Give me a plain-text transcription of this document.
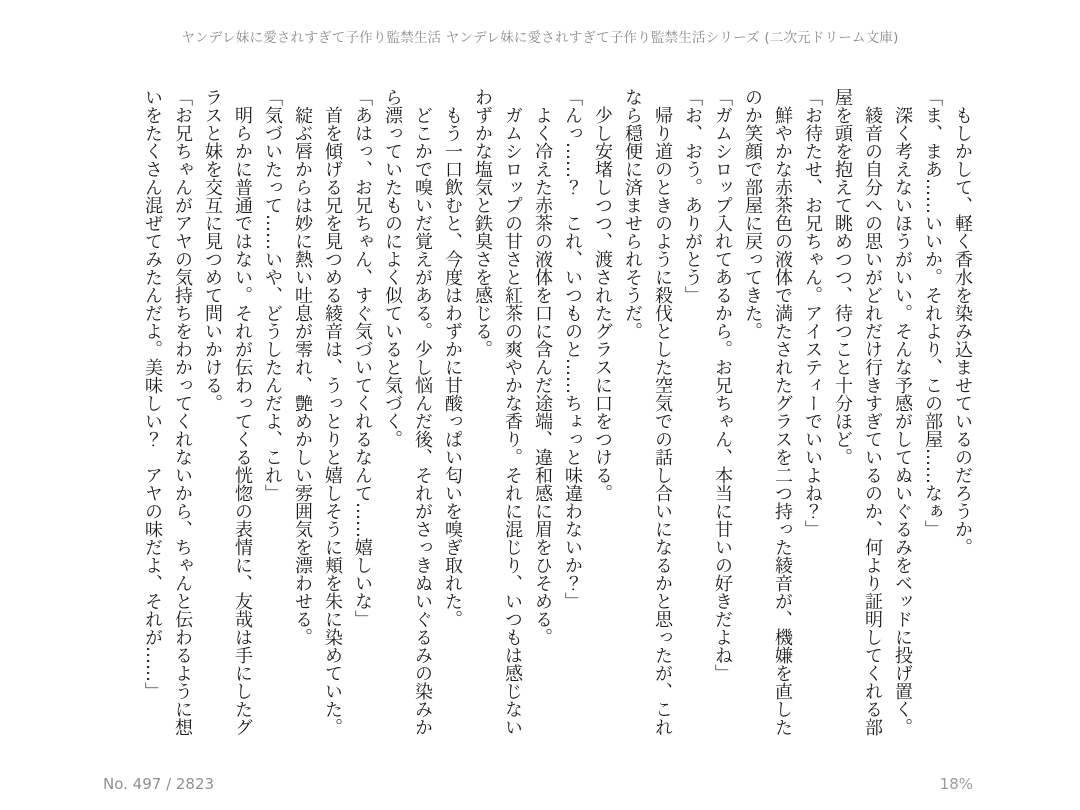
ヤンデレ妹に愛されすぎて子作り監禁生活 ヤンデレ妹に愛されすぎて子作り監禁生活シリーズ (二次元ドリーム文庫)

もしかして、軽く香水を染み込ませているのだろうか。

「ま、まあ……いいか。それより、この部屋……なぁ」

深く考えないほうがいい。そんな予感がしてぬいぐるみをベッドに投げ置く。

綾音の自分への思いがどれだけ行きすぎているのか、何より証明してくれる部屋を頭を抱えて眺めつつ、待つこと十分ほど。

「お待たせ、お兄ちゃん。アイスティーでいいよね？」

鮮やかな赤茶色の液体で満たされたグラスを二つ持った綾音が、機嫌を直したのか笑顔で部屋に戻ってきた。

「ガムシロップ入れてあるから。お兄ちゃん、本当に甘いの好きだよね」

「お、おう。ありがとう」

帰り道のときのように殺伐とした空気での話し合いになるかと思ったが、これなら穏便に済ませられそうだ。

少し安堵しつつ、渡されたグラスに口をつける。

「んっ……？　これ、いつものと……ちょっと味違わないか？」

よく冷えた赤茶の液体を口に含んだ途端、違和感に眉をひそめる。

ガムシロップの甘さと紅茶の爽やかな香り。それに混じり、いつもは感じないわずかな塩気と鉄臭さを感じる。

もう一口飲むと、今度はわずかに甘酸っぱい匂いを嗅ぎ取れた。

どこかで嗅いだ覚えがある。少し悩んだ後、それがさっきぬいぐるみの染みから漂っていたものによく似ていると気づく。

「あはっ、お兄ちゃん、すぐ気づいてくれるなんて……嬉しいな」

首を傾げる兄を見つめる綾音は、うっとりと嬉しそうに頬を朱に染めていた。

綻ぶ唇からは妙に熱い吐息が零れ、艶めかしい雰囲気を漂わせる。

「気づいたって……いや、どうしたんだよ、これ」

明らかに普通ではない。それが伝わってくる恍惚の表情に、友哉は手にしたグラスと妹を交互に見つめて問いかける。

「お兄ちゃんがアヤの気持ちをわかってくれないから、ちゃんと伝わるように想いをたくさん混ぜてみたんだよ。美味しい？　アヤの味だよ、それが……」

No. 497 / 2823	18%
